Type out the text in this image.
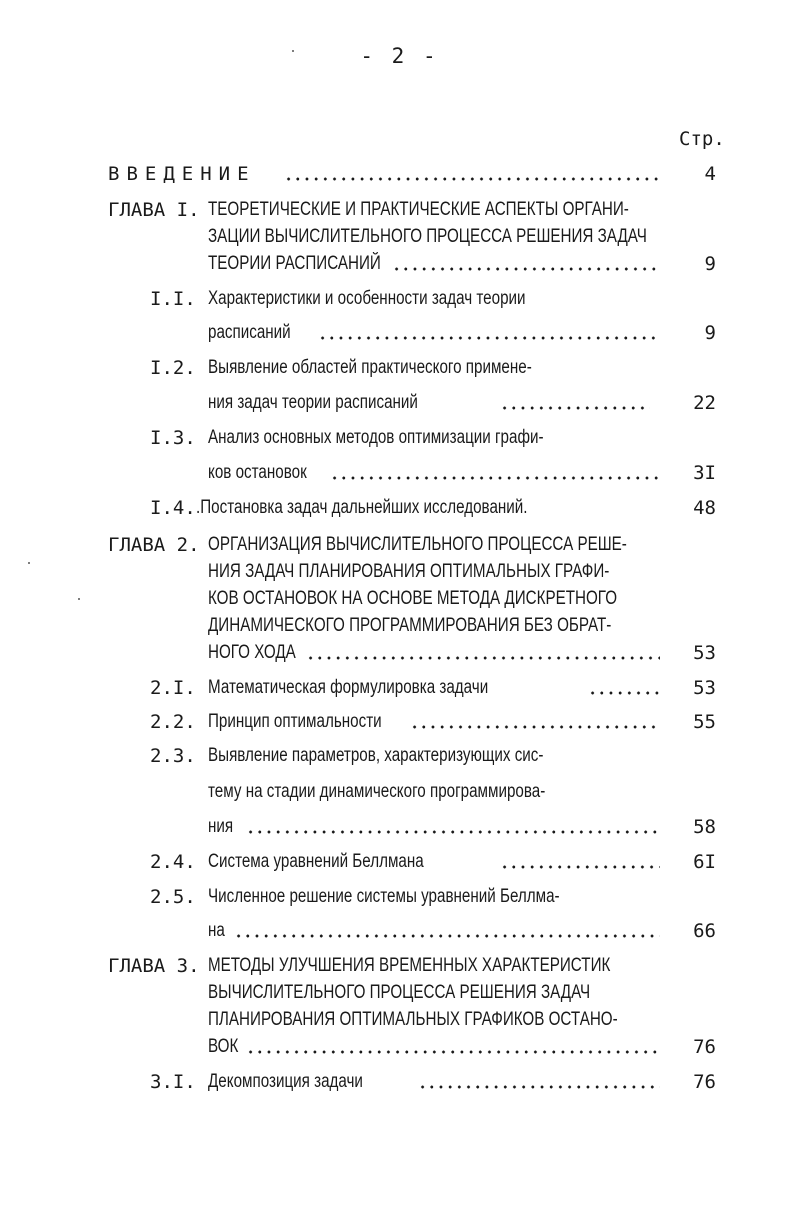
- 2 -
Стр.
ВВЕДЕНИЕ	4
ГЛАВА I. ТЕОРЕТИЧЕСКИЕ И ПРАКТИЧЕСКИЕ АСПЕКТЫ ОРГАНИ-
ЗАЦИИ ВЫЧИСЛИТЕЛЬНОГО ПРОЦЕССА РЕШЕНИЯ ЗАДАЧ
ТЕОРИИ РАСПИСАНИЙ	9
I.I. Характеристики и особенности задач теории
расписаний	9
I.2. Выявление областей практического примене-
ния задач теории расписаний	22
I.3. Анализ основных методов оптимизации графи-
ков остановок	3I
I.4. .Постановка задач дальнейших исследований.	48
ГЛАВА 2. ОРГАНИЗАЦИЯ ВЫЧИСЛИТЕЛЬНОГО ПРОЦЕССА РЕШЕ-
НИЯ ЗАДАЧ ПЛАНИРОВАНИЯ ОПТИМАЛЬНЫХ ГРАФИ-
КОВ ОСТАНОВОК НА ОСНОВЕ МЕТОДА ДИСКРЕТНОГО
ДИНАМИЧЕСКОГО ПРОГРАММИРОВАНИЯ БЕЗ ОБРАТ-
НОГО ХОДА	53
2.I. Математическая формулировка задачи	53
2.2. Принцип оптимальности	55
2.3. Выявление параметров, характеризующих сис-
тему на стадии динамического программирова-
ния	58
2.4. Система уравнений Беллмана	6I
2.5. Численное решение системы уравнений Беллма-
на	66
ГЛАВА 3. МЕТОДЫ УЛУЧШЕНИЯ ВРЕМЕННЫХ ХАРАКТЕРИСТИК
ВЫЧИСЛИТЕЛЬНОГО ПРОЦЕССА РЕШЕНИЯ ЗАДАЧ
ПЛАНИРОВАНИЯ ОПТИМАЛЬНЫХ ГРАФИКОВ ОСТАНО-
ВОК	76
3.I. Декомпозиция задачи	76
